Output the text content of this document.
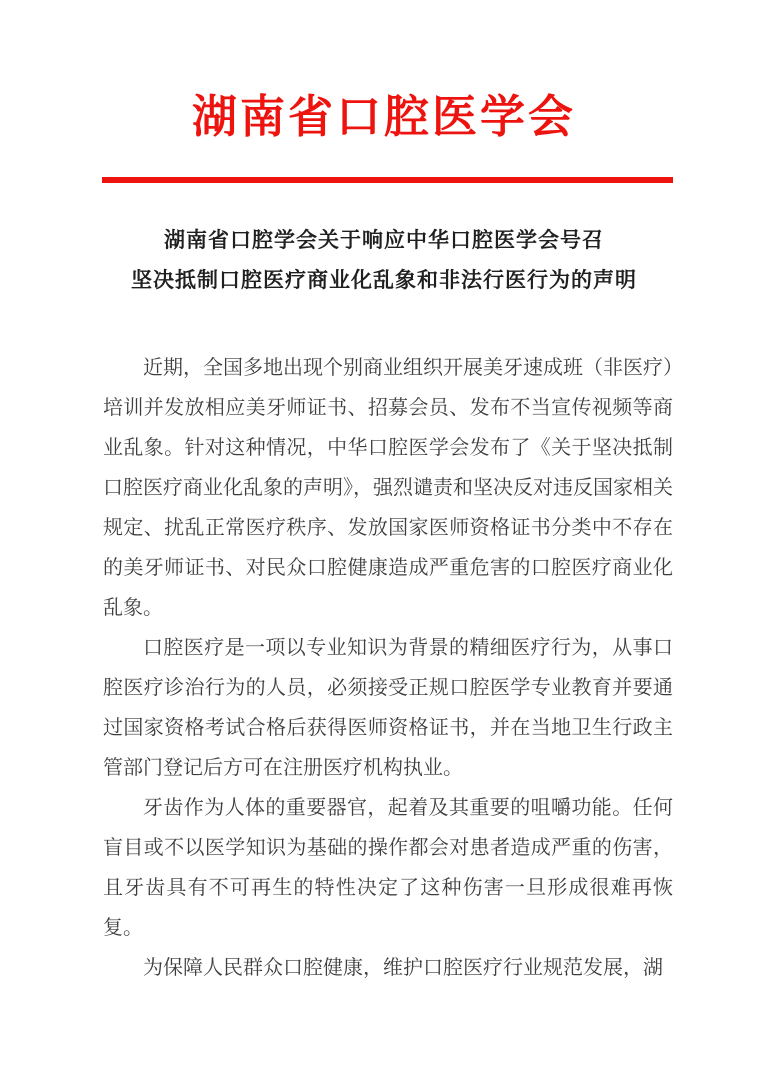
湖南省口腔医学会
湖南省口腔学会关于响应中华口腔医学会号召
坚决抵制口腔医疗商业化乱象和非法行医行为的声明

近期，全国多地出现个别商业组织开展美牙速成班（非医疗）培训并发放相应美牙师证书、招募会员、发布不当宣传视频等商业乱象。针对这种情况，中华口腔医学会发布了《关于坚决抵制口腔医疗商业化乱象的声明》，强烈谴责和坚决反对违反国家相关规定、扰乱正常医疗秩序、发放国家医师资格证书分类中不存在的美牙师证书、对民众口腔健康造成严重危害的口腔医疗商业化乱象。

口腔医疗是一项以专业知识为背景的精细医疗行为，从事口腔医疗诊治行为的人员，必须接受正规口腔医学专业教育并要通过国家资格考试合格后获得医师资格证书，并在当地卫生行政主管部门登记后方可在注册医疗机构执业。

牙齿作为人体的重要器官，起着及其重要的咀嚼功能。任何盲目或不以医学知识为基础的操作都会对患者造成严重的伤害，且牙齿具有不可再生的特性决定了这种伤害一旦形成很难再恢复。

为保障人民群众口腔健康，维护口腔医疗行业规范发展，湖
